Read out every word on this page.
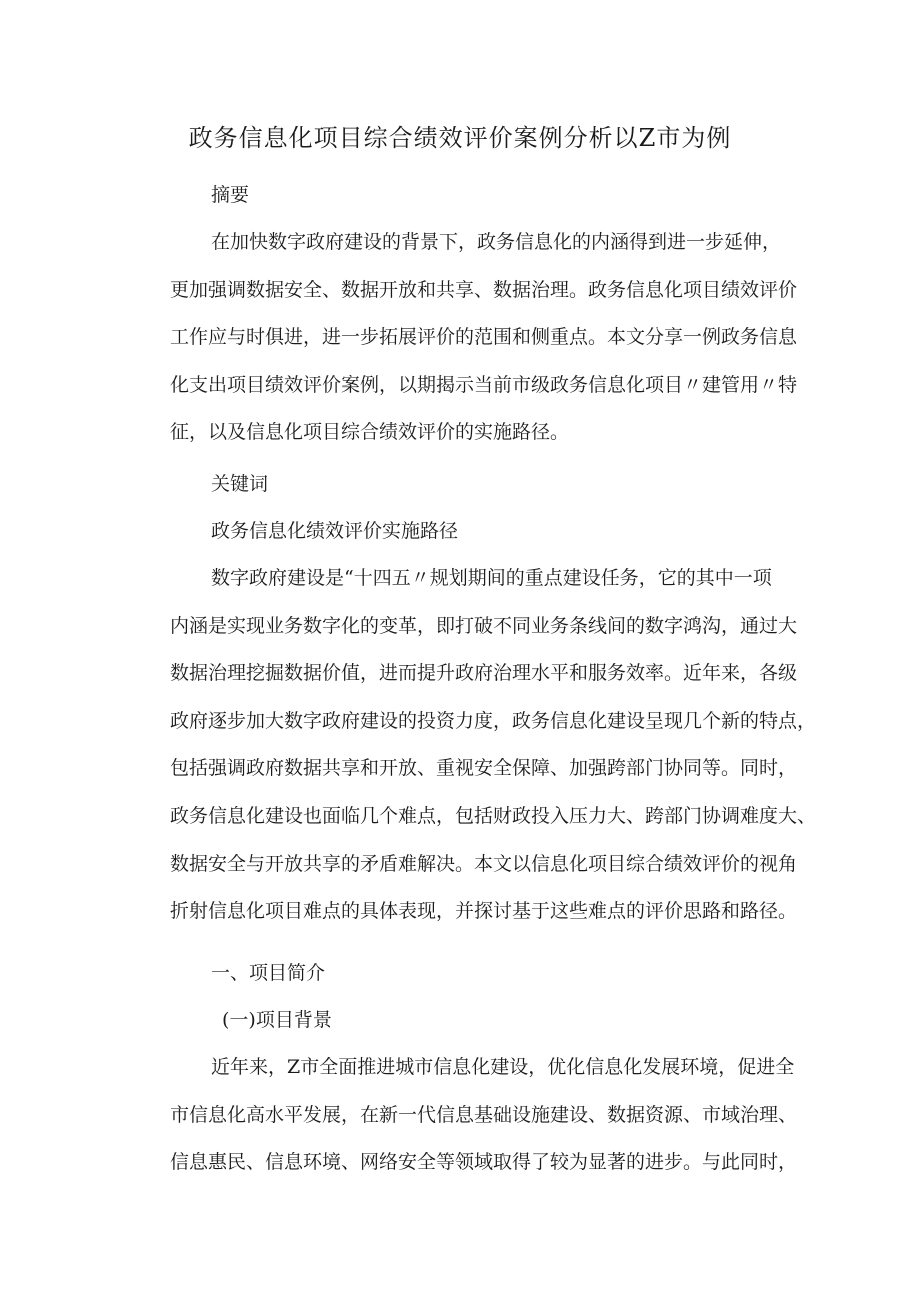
政务信息化项目综合绩效评价案例分析以Z市为例
摘要

在加快数字政府建设的背景下，政务信息化的内涵得到进一步延伸，
更加强调数据安全、数据开放和共享、数据治理。政务信息化项目绩效评价
工作应与时俱进，进一步拓展评价的范围和侧重点。本文分享一例政务信息
化支出项目绩效评价案例，以期揭示当前市级政务信息化项目〃建管用〃特
征，以及信息化项目综合绩效评价的实施路径。

关键词
政务信息化绩效评价实施路径

数字政府建设是“十四五〃规划期间的重点建设任务，它的其中一项
内涵是实现业务数字化的变革，即打破不同业务条线间的数字鸿沟，通过大
数据治理挖掘数据价值，进而提升政府治理水平和服务效率。近年来，各级
政府逐步加大数字政府建设的投资力度，政务信息化建设呈现几个新的特点，
包括强调政府数据共享和开放、重视安全保障、加强跨部门协同等。同时，
政务信息化建设也面临几个难点，包括财政投入压力大、跨部门协调难度大、
数据安全与开放共享的矛盾难解决。本文以信息化项目综合绩效评价的视角
折射信息化项目难点的具体表现，并探讨基于这些难点的评价思路和路径。

一、项目简介
(一)项目背景

近年来，Z市全面推进城市信息化建设，优化信息化发展环境，促进全
市信息化高水平发展，在新一代信息基础设施建设、数据资源、市域治理、
信息惠民、信息环境、网络安全等领域取得了较为显著的进步。与此同时，
